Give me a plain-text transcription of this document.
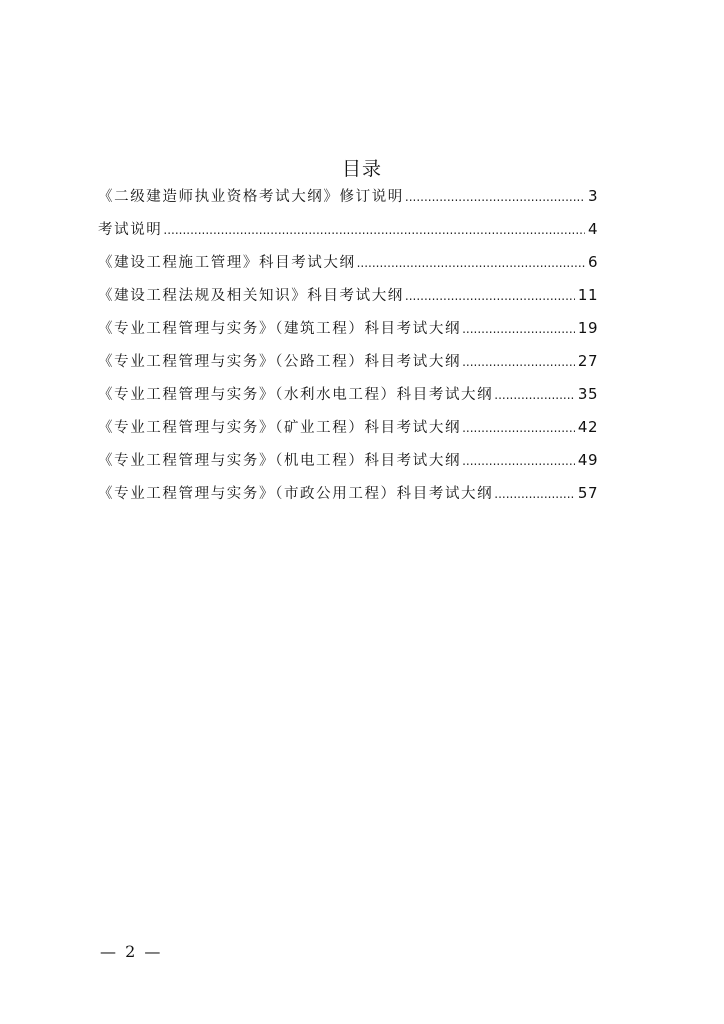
目录
《二级建造师执业资格考试大纲》修订说明 .....	3
考试说明 .....	4
《建设工程施工管理》科目考试大纲 .....	6
《建设工程法规及相关知识》科目考试大纲 .....	11
《专业工程管理与实务》（建筑工程）科目考试大纲 .....	19
《专业工程管理与实务》（公路工程）科目考试大纲 .....	27
《专业工程管理与实务》（水利水电工程）科目考试大纲 .....	35
《专业工程管理与实务》（矿业工程）科目考试大纲 .....	42
《专业工程管理与实务》（机电工程）科目考试大纲 .....	49
《专业工程管理与实务》（市政公用工程）科目考试大纲 .....	57
— 2 —
